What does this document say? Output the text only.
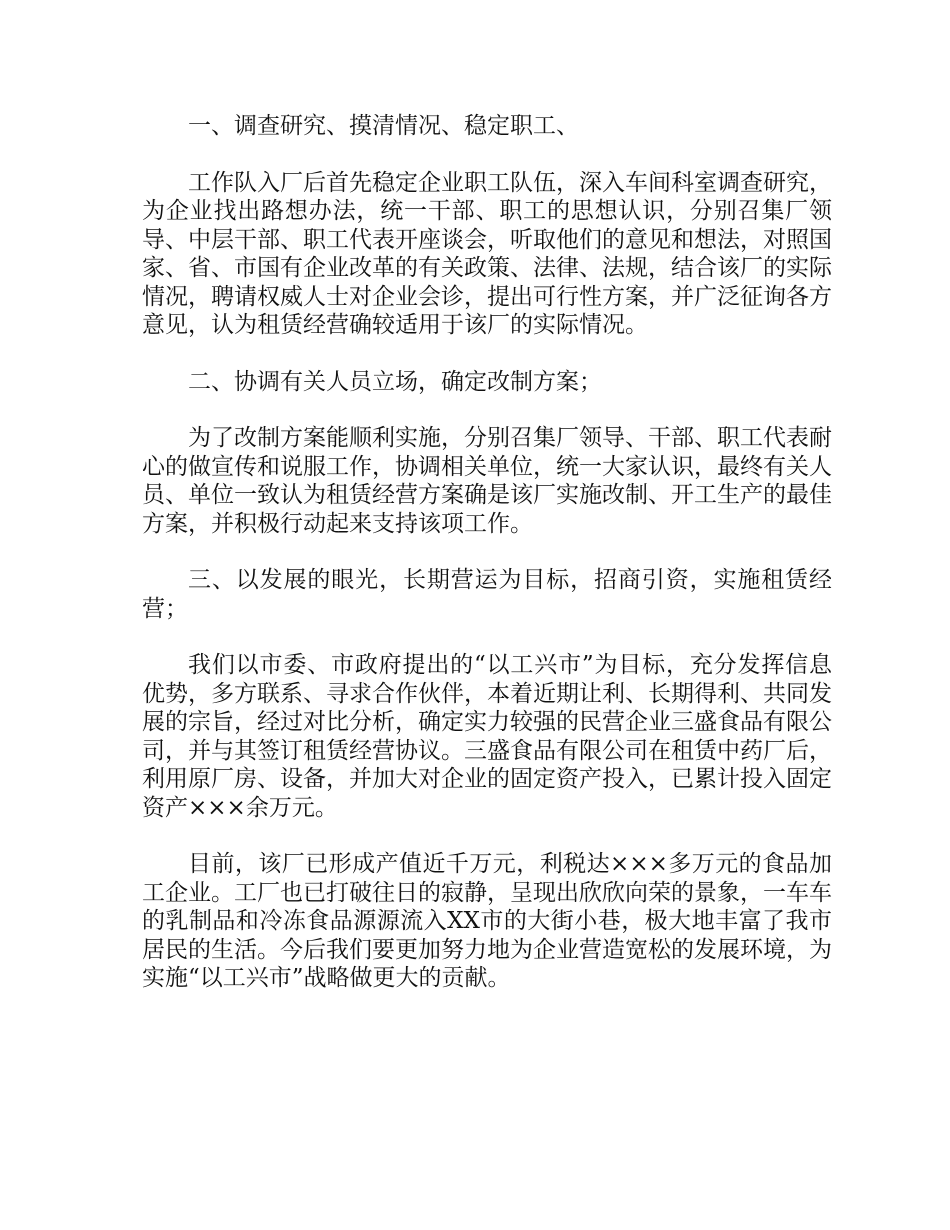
一、调查研究、摸清情况、稳定职工、

工作队入厂后首先稳定企业职工队伍，深入车间科室调查研究，为企业找出路想办法，统一干部、职工的思想认识，分别召集厂领导、中层干部、职工代表开座谈会，听取他们的意见和想法，对照国家、省、市国有企业改革的有关政策、法律、法规，结合该厂的实际情况，聘请权威人士对企业会诊，提出可行性方案，并广泛征询各方意见，认为租赁经营确较适用于该厂的实际情况。

二、协调有关人员立场，确定改制方案；

为了改制方案能顺利实施，分别召集厂领导、干部、职工代表耐心的做宣传和说服工作，协调相关单位，统一大家认识，最终有关人员、单位一致认为租赁经营方案确是该厂实施改制、开工生产的最佳方案，并积极行动起来支持该项工作。

三、以发展的眼光，长期营运为目标，招商引资，实施租赁经营；

我们以市委、市政府提出的“以工兴市”为目标，充分发挥信息优势，多方联系、寻求合作伙伴，本着近期让利、长期得利、共同发展的宗旨，经过对比分析，确定实力较强的民营企业三盛食品有限公司，并与其签订租赁经营协议。三盛食品有限公司在租赁中药厂后，利用原厂房、设备，并加大对企业的固定资产投入，已累计投入固定资产×××余万元。

目前，该厂已形成产值近千万元，利税达×××多万元的食品加工企业。工厂也已打破往日的寂静，呈现出欣欣向荣的景象，一车车的乳制品和冷冻食品源源流入XX市的大街小巷，极大地丰富了我市居民的生活。今后我们要更加努力地为企业营造宽松的发展环境，为实施“以工兴市”战略做更大的贡献。
